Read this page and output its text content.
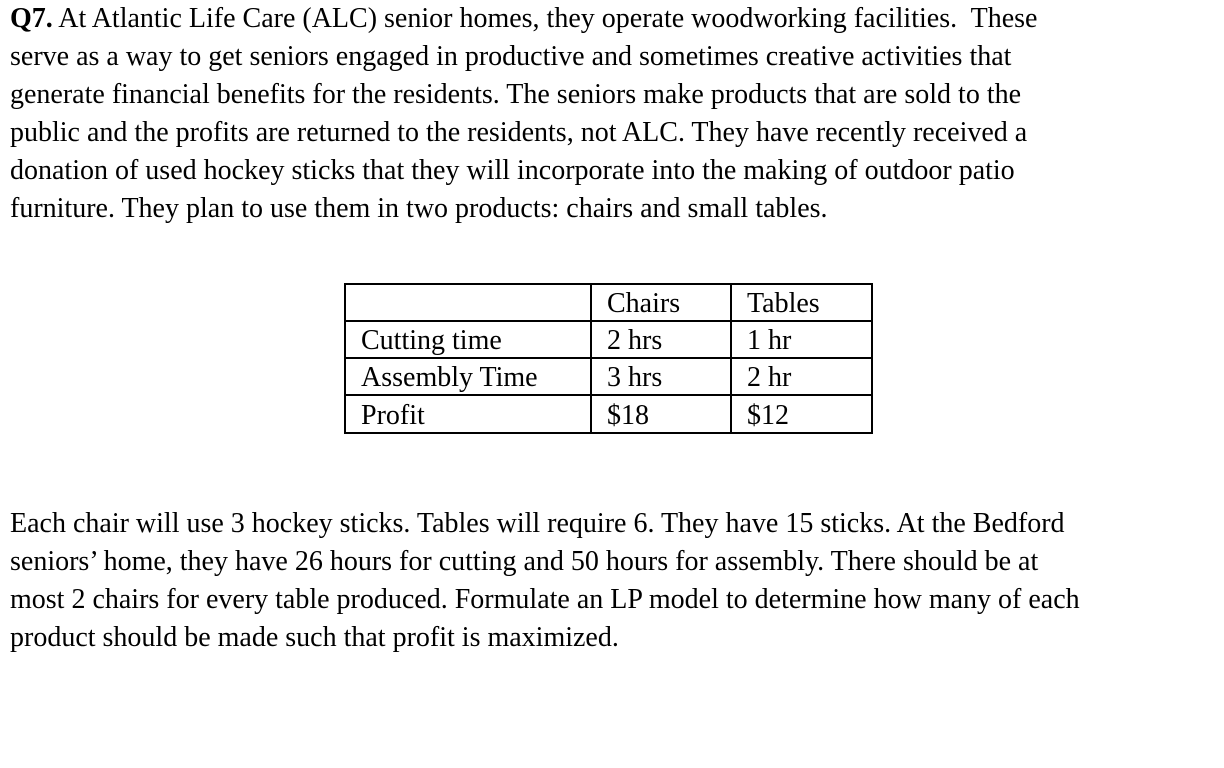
Q7. At Atlantic Life Care (ALC) senior homes, they operate woodworking facilities.  These
serve as a way to get seniors engaged in productive and sometimes creative activities that
generate financial benefits for the residents. The seniors make products that are sold to the
public and the profits are returned to the residents, not ALC. They have recently received a
donation of used hockey sticks that they will incorporate into the making of outdoor patio
furniture. They plan to use them in two products: chairs and small tables.
	Chairs	Tables
Cutting time	2 hrs	1 hr
Assembly Time	3 hrs	2 hr
Profit	$18	$12
Each chair will use 3 hockey sticks. Tables will require 6. They have 15 sticks. At the Bedford
seniors’ home, they have 26 hours for cutting and 50 hours for assembly. There should be at
most 2 chairs for every table produced. Formulate an LP model to determine how many of each
product should be made such that profit is maximized.
